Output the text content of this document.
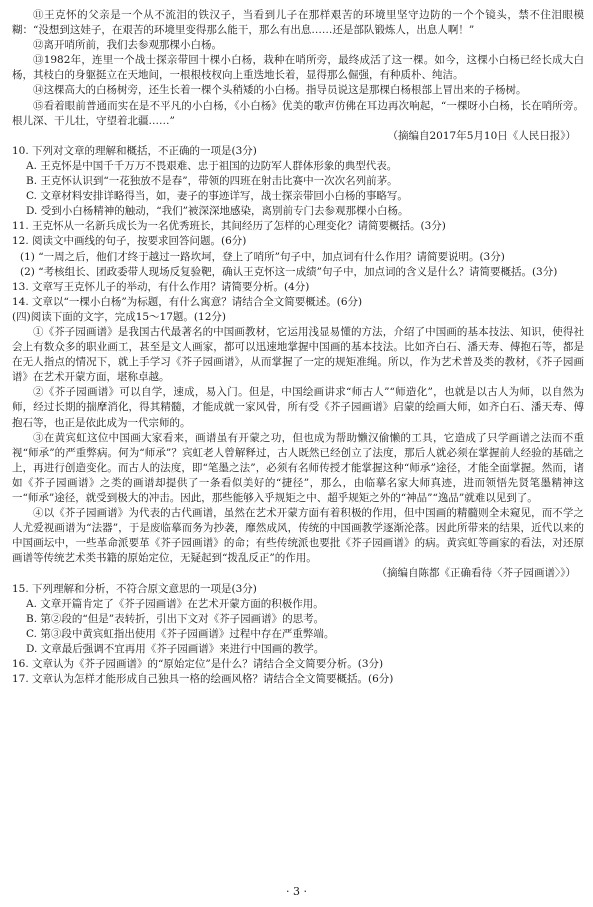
⑪王克怀的父亲是一个从不流泪的铁汉子，当看到儿子在那样艰苦的环境里坚守边防的一个个镜头，禁不住泪眼模糊：“没想到这娃子，在艰苦的环境里变得那么能干，那么有出息……还是部队锻炼人，出息人啊！”

⑫离开哨所前，我们去参观那棵小白杨。

⑬1982年，连里一个战士探亲带回十棵小白杨，栽种在哨所旁，最终成活了这一棵。如今，这棵小白杨已经长成大白杨，其枝白的身躯挺立在天地间，一根根枝杈向上重迭地长着，显得那么倔强，有种质朴、纯洁。

⑭这棵高大的白杨树旁，还生长着一棵个头稍矮的小白杨。指导员说这是那棵白杨根部上冒出来的子杨树。

⑮看着眼前普通而实在是不平凡的小白杨，《小白杨》优美的歌声仿佛在耳边再次响起，“一棵呀小白杨，长在哨所旁。根儿深、干儿壮，守望着北疆……”

（摘编自2017年5月10日《人民日报》）

10. 下列对文章的理解和概括，不正确的一项是(3分)

A. 王克怀是中国千千万万不畏艰难、忠于祖国的边防军人群体形象的典型代表。

B. 王克怀认识到“一花独放不是春”，带领的四班在射击比赛中一次次名列前茅。

C. 文章材料安排详略得当，如，妻子的事迹详写，战士探亲带回小白杨的事略写。

D. 受到小白杨精神的触动，“我们”被深深地感染，离别前专门去参观那棵小白杨。

11. 王克怀从一名新兵成长为一名优秀班长，其间经历了怎样的心理变化？请简要概括。(3分)

12. 阅读文中画线的句子，按要求回答问题。(6分)

(1) “一周之后，他们才终于越过一路坎坷，登上了哨所”句子中，加点词有什么作用？请简要说明。(3分)

(2) “考核组长、团政委带人现场反复验靶，确认王克怀这一成绩”句子中，加点词的含义是什么？请简要概括。(3分)

13. 文章写王克怀儿子的举动，有什么作用？请简要分析。(4分)

14. 文章以“一棵小白杨”为标题，有什么寓意？请结合全文简要概述。(6分)

(四)阅读下面的文字，完成15～17题。(12分)

①《芥子园画谱》是我国古代最著名的中国画教材，它运用浅显易懂的方法，介绍了中国画的基本技法、知识，使得社会上有数众多的职业画工，甚至是文人画家，都可以迅速地掌握中国画的基本技法。比如齐白石、潘天寿、傅抱石等，都是在无人指点的情况下，就上手学习《芥子园画谱》，从而掌握了一定的规矩准绳。所以，作为艺术普及类的教材，《芥子园画谱》在艺术开蒙方面，堪称卓越。

②《芥子园画谱》可以自学，速成，易入门。但是，中国绘画讲求“师古人”“师造化”，也就是以古人为师，以自然为师，经过长期的揣摩消化，得其精髓，才能成就一家风骨，所有受《芥子园画谱》启蒙的绘画大师，如齐白石、潘天寿、傅抱石等，也正是依此成为一代宗师的。

③在黄宾虹这位中国画大家看来，画谱虽有开蒙之功，但也成为帮助懒汉偷懒的工具，它造成了只学画谱之法而不重视“师承”的严重弊病。何为“师承”？宾虹老人曾解释过，古人既然已经创立了法度，那后人就必须在掌握前人经验的基础之上，再进行创造变化。而古人的法度，即“笔墨之法”，必须有名师传授才能掌握这种“师承”途径，才能全面掌握。然而，诸如《芥子园画谱》之类的画谱却提供了一条看似美好的“捷径”，那么，由临摹名家大师真迹，进而领悟先贤笔墨精神这一“师承”途径，就受到极大的冲击。因此，那些能够入乎规矩之中、超乎规矩之外的“神品”“逸品”就难以见到了。

④以《芥子园画谱》为代表的古代画谱，虽然在艺术开蒙方面有着积极的作用，但中国画的精髓则全未窥见，而不学之人尤爱视画谱为“法器”，于是废临摹而务为抄袭，靡然成风，传统的中国画教学逐渐沦落。因此所带来的结果，近代以来的中国画坛中，一些革命派要革《芥子园画谱》的命；有些传统派也要批《芥子园画谱》的病。黄宾虹等画家的看法，对还原画谱等传统艺术类书籍的原始定位，无疑起到“拨乱反正”的作用。

（摘编自陈都《正确看待〈芥子园画谱〉》）

15. 下列理解和分析，不符合原文意思的一项是(3分)

A. 文章开篇肯定了《芥子园画谱》在艺术开蒙方面的积极作用。

B. 第②段的“但是”表转折，引出下文对《芥子园画谱》的思考。

C. 第③段中黄宾虹指出使用《芥子园画谱》过程中存在严重弊端。

D. 文章最后强调不宜再用《芥子园画谱》来进行中国画的教学。

16. 文章认为《芥子园画谱》的“原始定位”是什么？请结合全文简要分析。(3分)

17. 文章认为怎样才能形成自己独具一格的绘画风格？请结合全文简要概括。(6分)

· 3 ·
